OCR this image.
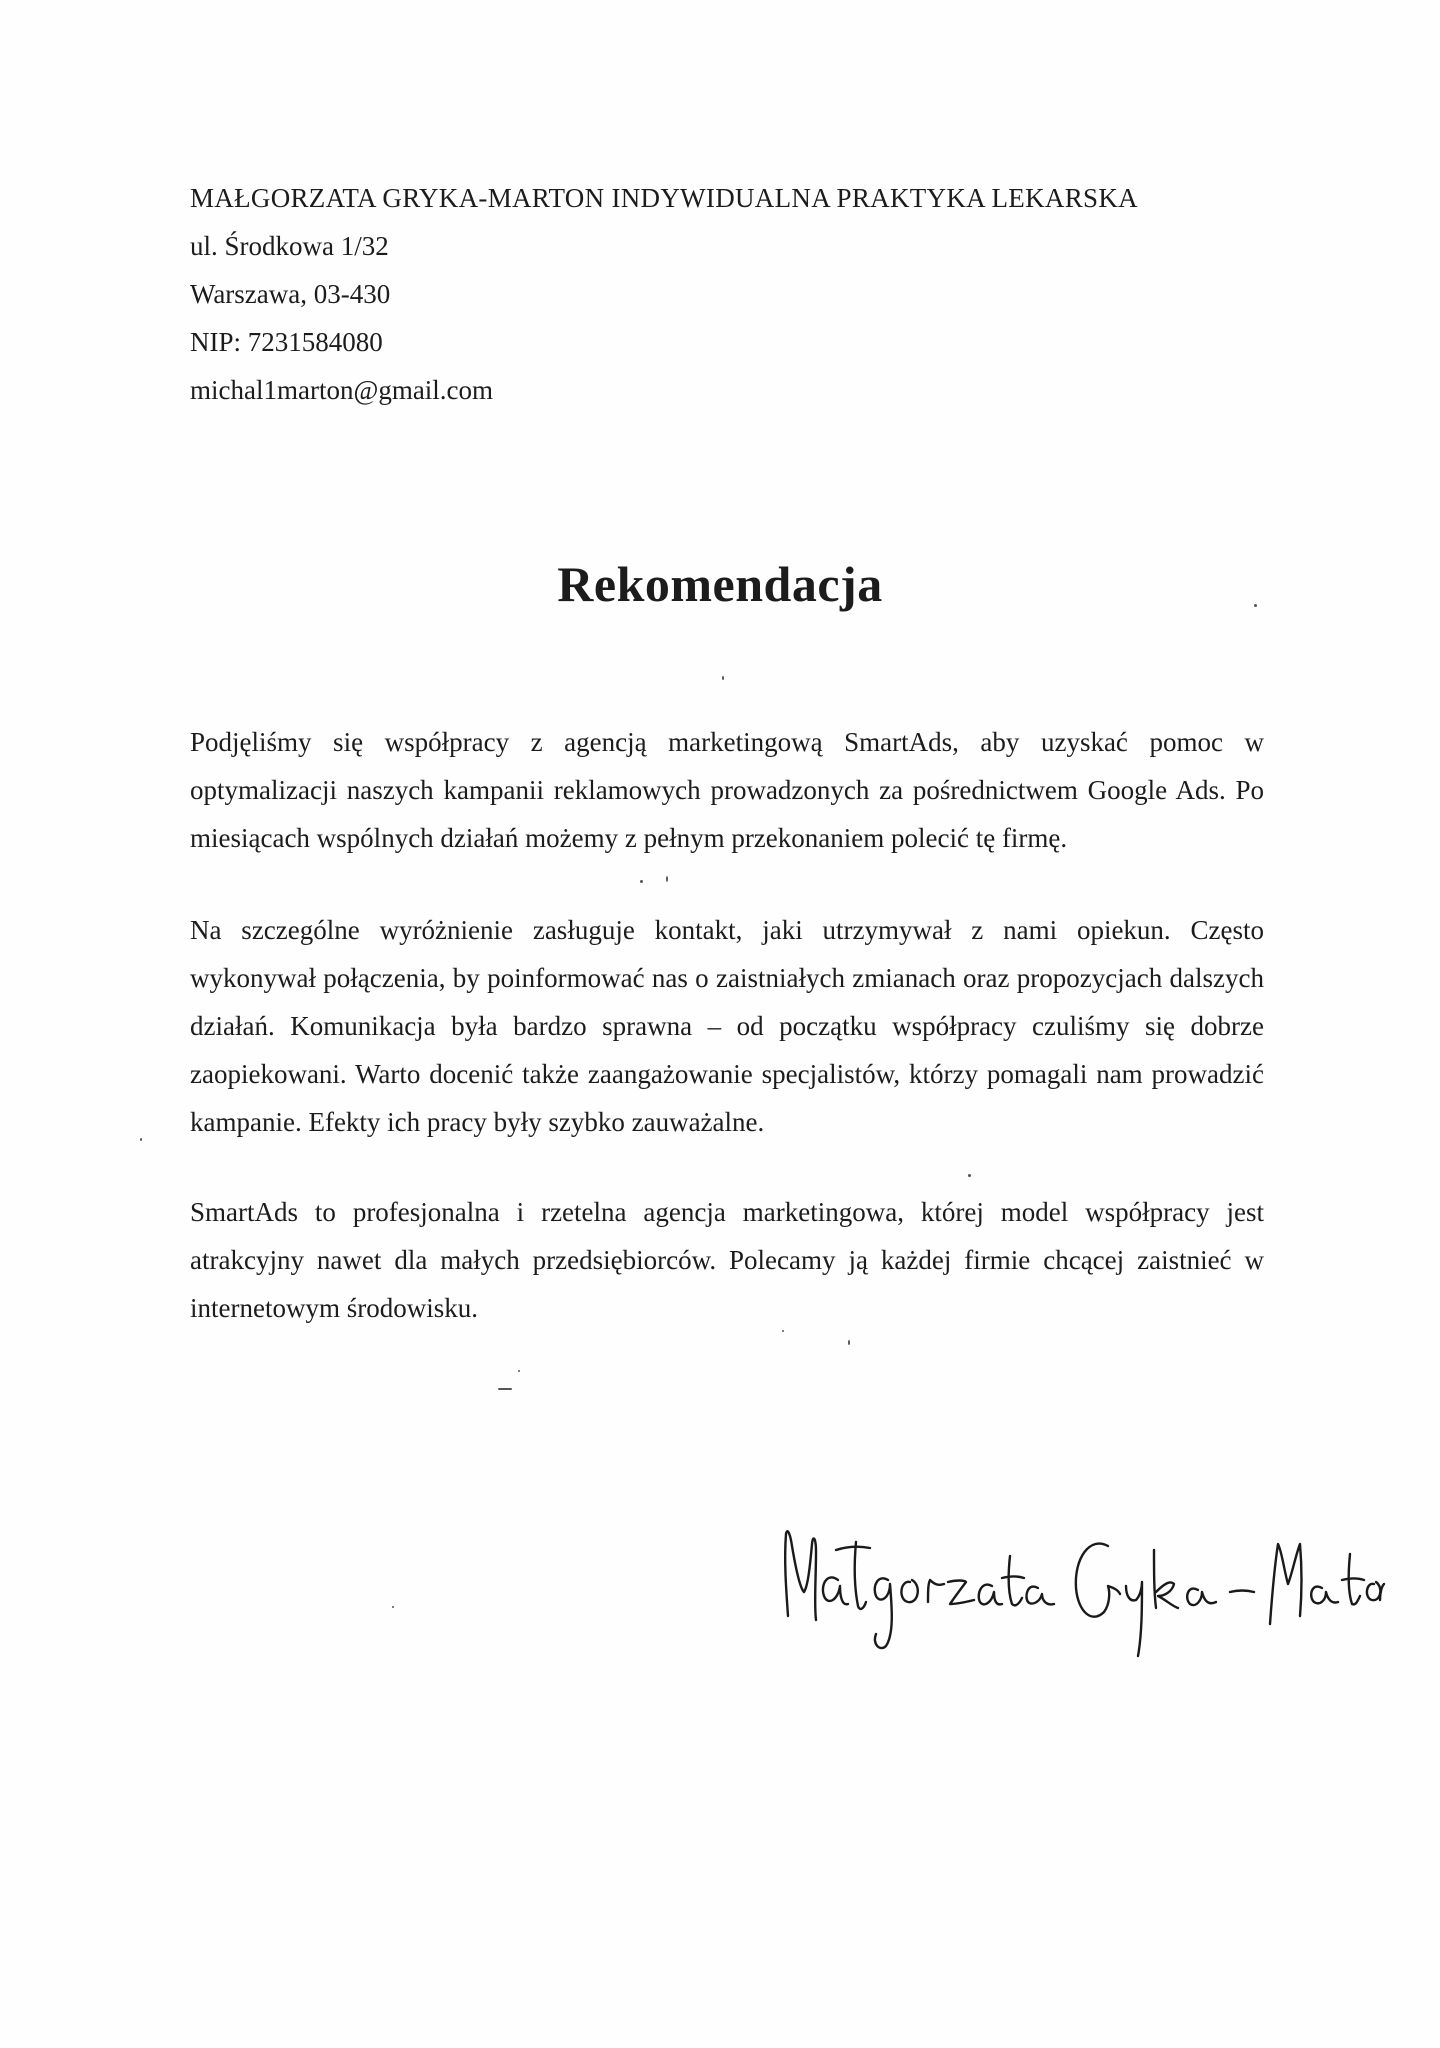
MAŁGORZATA GRYKA-MARTON INDYWIDUALNA PRAKTYKA LEKARSKA
ul. Środkowa 1/32
Warszawa, 03-430
NIP: 7231584080
michal1marton@gmail.com
Rekomendacja

Podjęliśmy się współpracy z agencją marketingową SmartAds, aby uzyskać pomoc w optymalizacji naszych kampanii reklamowych prowadzonych za pośrednictwem Google Ads. Po miesiącach wspólnych działań możemy z pełnym przekonaniem polecić tę firmę.

Na szczególne wyróżnienie zasługuje kontakt, jaki utrzymywał z nami opiekun. Często wykonywał połączenia, by poinformować nas o zaistniałych zmianach oraz propozycjach dalszych działań. Komunikacja była bardzo sprawna – od początku współpracy czuliśmy się dobrze zaopiekowani. Warto docenić także zaangażowanie specjalistów, którzy pomagali nam prowadzić kampanie. Efekty ich pracy były szybko zauważalne.

SmartAds to profesjonalna i rzetelna agencja marketingowa, której model współpracy jest atrakcyjny nawet dla małych przedsiębiorców. Polecamy ją każdej firmie chcącej zaistnieć w internetowym środowisku.
